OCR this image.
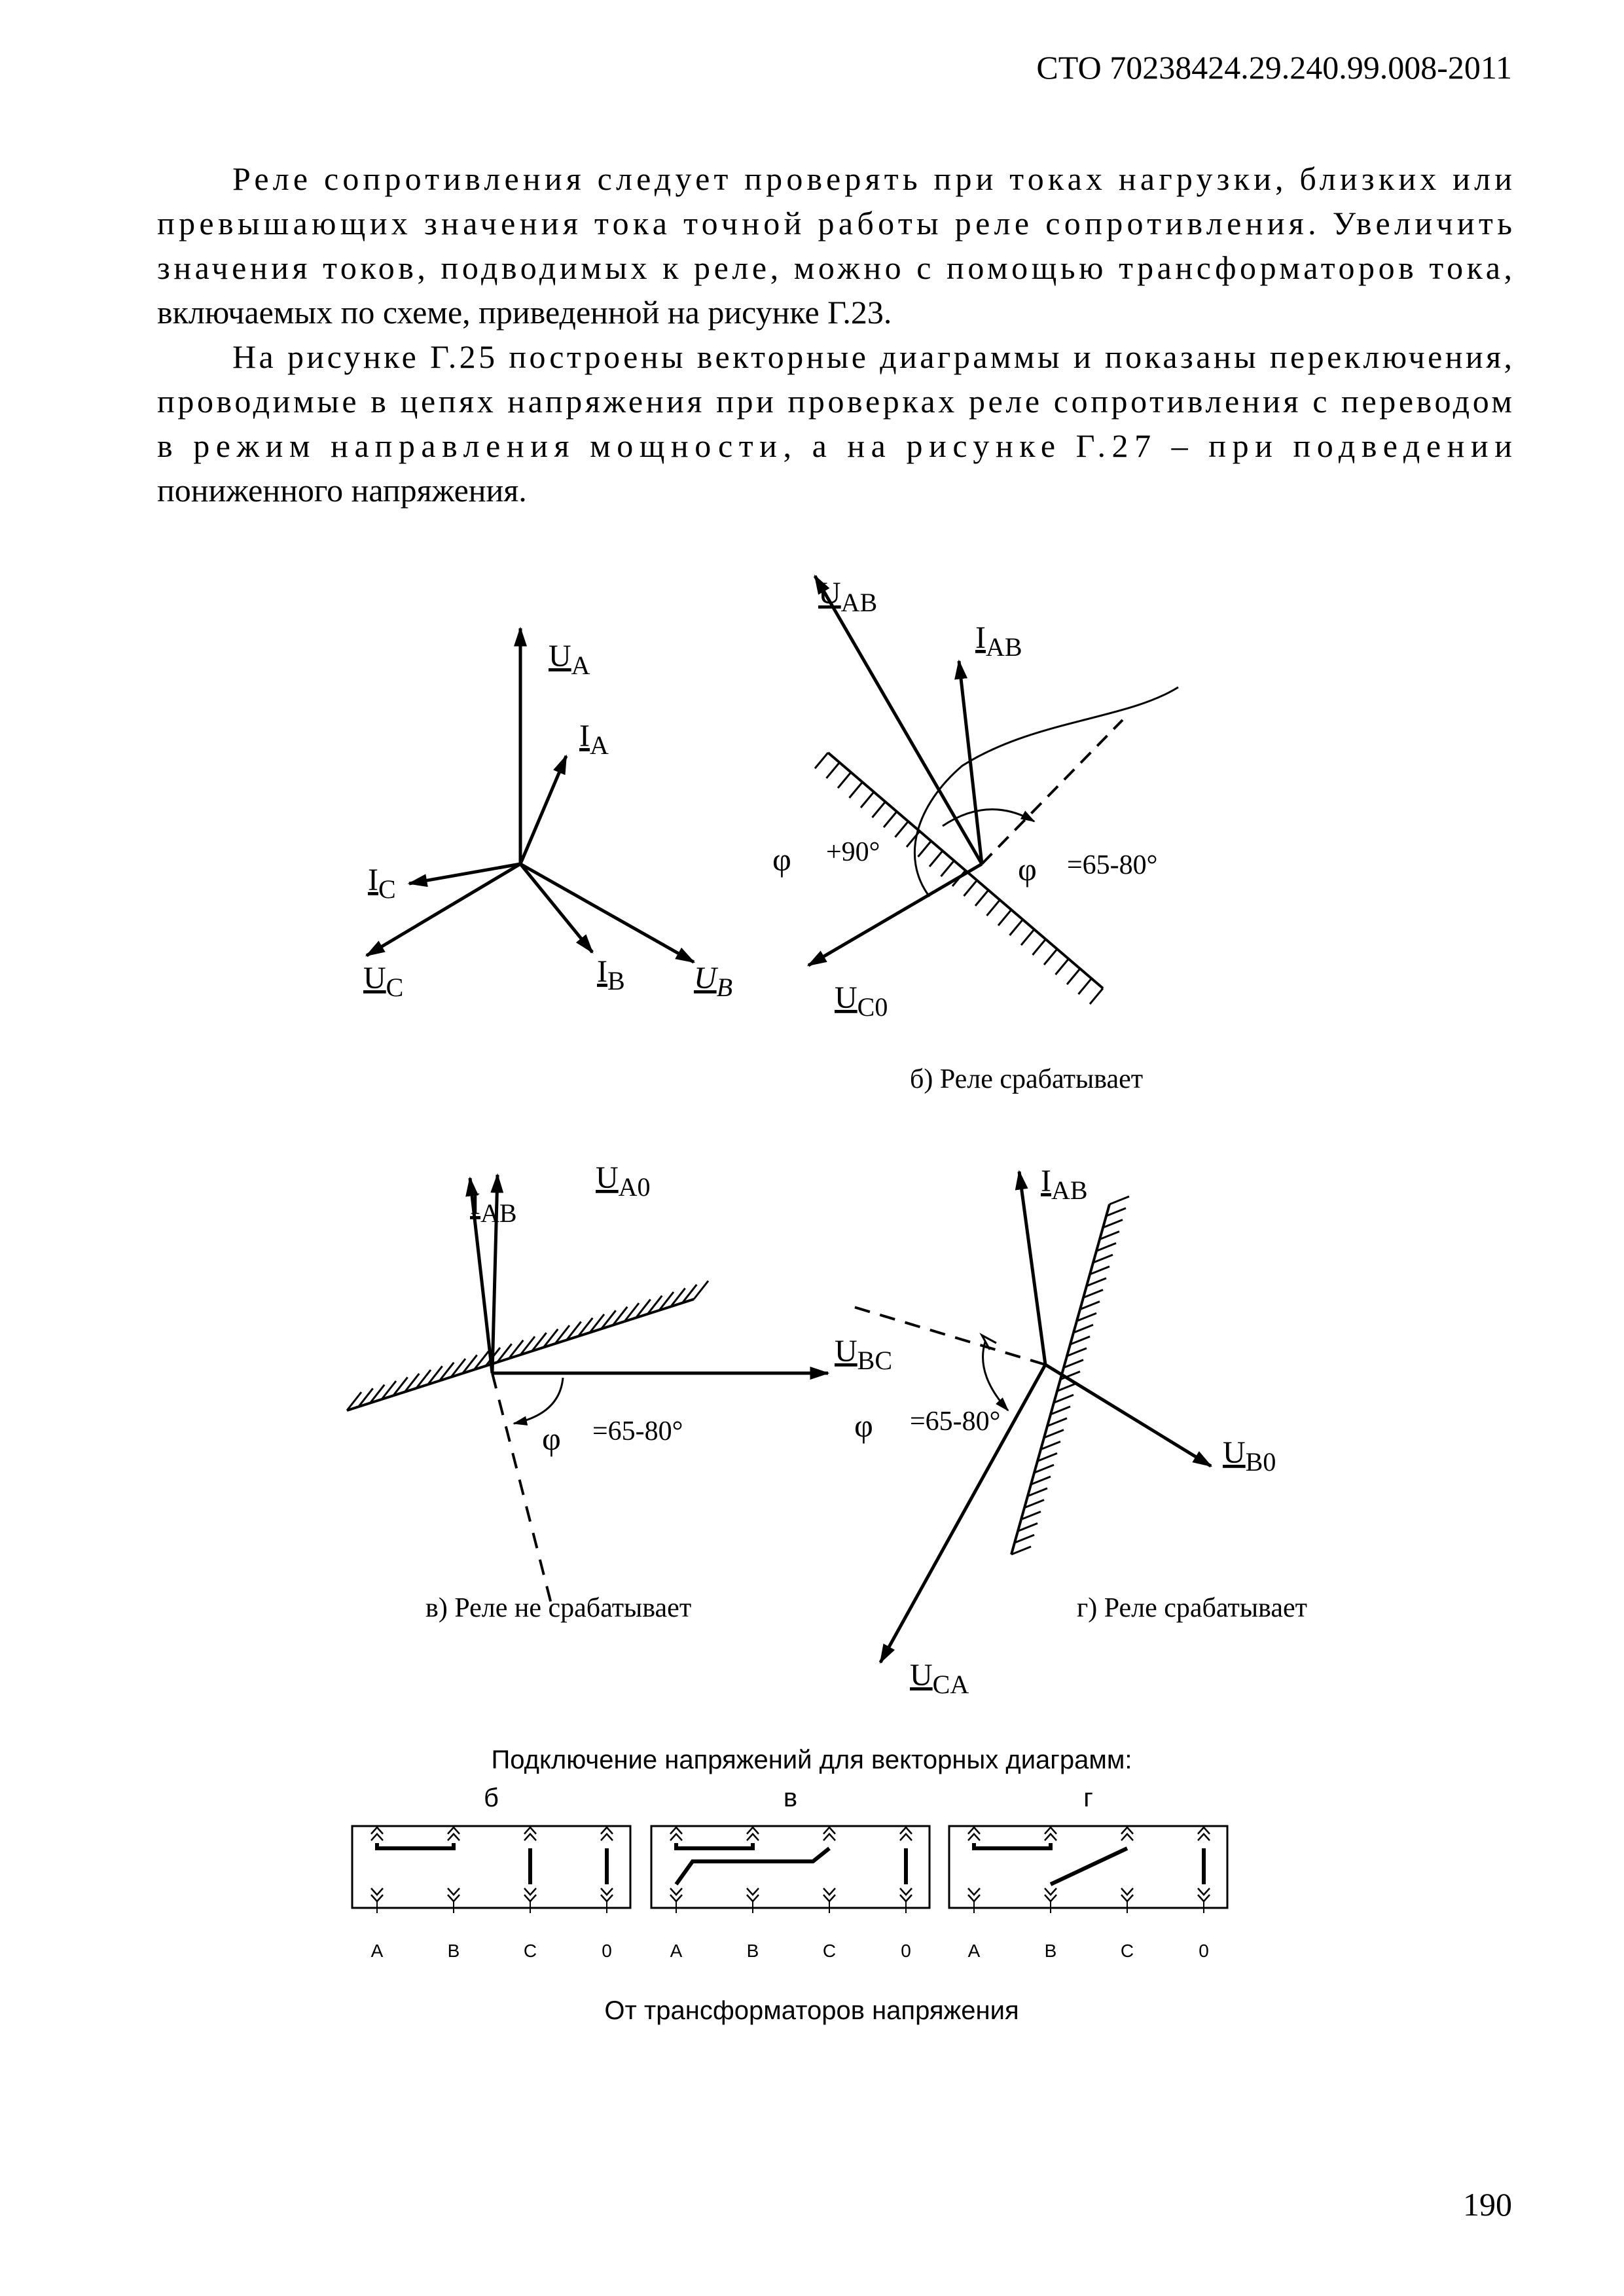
СТО 70238424.29.240.99.008-2011
Реле сопротивления следует проверять при токах нагрузки, близких или
превышающих значения тока точной работы реле сопротивления. Увеличить
значения токов, подводимых к реле, можно с помощью трансформаторов тока,
включаемых по схеме, приведенной на рисунке Г.23.
На рисунке Г.25 построены векторные диаграммы и показаны переключения,
проводимые в цепях напряжения при проверках реле сопротивления с переводом
в режим направления мощности, а на рисунке Г.27 – при подведении
пониженного напряжения.
$U_A$
$I_A$
$I_C$
$U_C$	$I_B$ $U_B$
$U_{AB}$
$I_{AB}$
$U_{C0}$
φ +90°	φ =65-80°
б) Реле срабатывает
$I_{AB}$
$U_{A0}$
$U_{BC}$
φ =65-80°
в) Реле не срабатывает
$I_{AB}$
φ =65-80°
$U_{B0}$
г) Реле срабатывает
$U_{CA}$
Подключение напряжений для векторных диаграмм:
б
A	B	C	0
в
A	B	C	0
г
A	B	C	0
От трансформаторов напряжения
190
